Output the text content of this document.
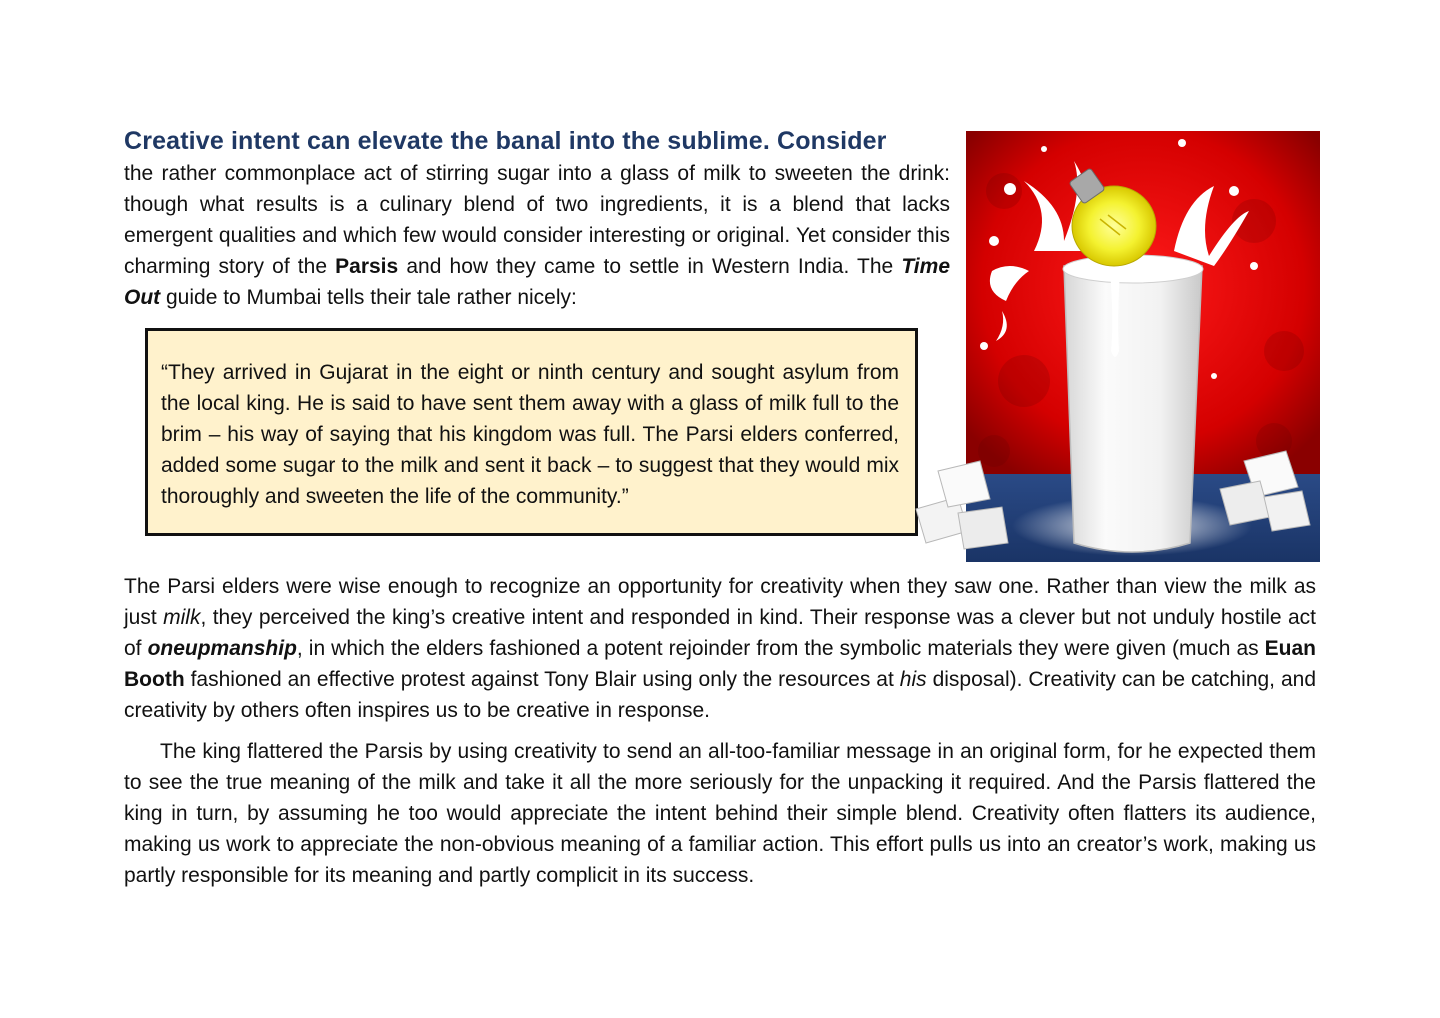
Creative intent can elevate the banal into the sublime. Consider

the rather commonplace act of stirring sugar into a glass of milk to sweeten the drink: though what results is a culinary blend of two ingredients, it is a blend that lacks emergent qualities and which few would consider interesting or original. Yet consider this charming story of the Parsis and how they came to settle in Western India. The Time Out guide to Mumbai tells their tale rather nicely:

“They arrived in Gujarat in the eight or ninth century and sought asylum from the local king. He is said to have sent them away with a glass of milk full to the brim – his way of saying that his kingdom was full. The Parsi elders conferred, added some sugar to the milk and sent it back – to suggest that they would mix thoroughly and sweeten the life of the community.”

The Parsi elders were wise enough to recognize an opportunity for creativity when they saw one. Rather than view the milk as just milk, they perceived the king’s creative intent and responded in kind. Their response was a clever but not unduly hostile act of oneupmanship, in which the elders fashioned a potent rejoinder from the symbolic materials they were given (much as Euan Booth fashioned an effective protest against Tony Blair using only the resources at his disposal). Creativity can be catching, and creativity by others often inspires us to be creative in response.

The king flattered the Parsis by using creativity to send an all-too-familiar message in an original form, for he expected them to see the true meaning of the milk and take it all the more seriously for the unpacking it required. And the Parsis flattered the king in turn, by assuming he too would appreciate the intent behind their simple blend. Creativity often flatters its audience, making us work to appreciate the non-obvious meaning of a familiar action. This effort pulls us into an creator’s work, making us partly responsible for its meaning and partly complicit in its success.
